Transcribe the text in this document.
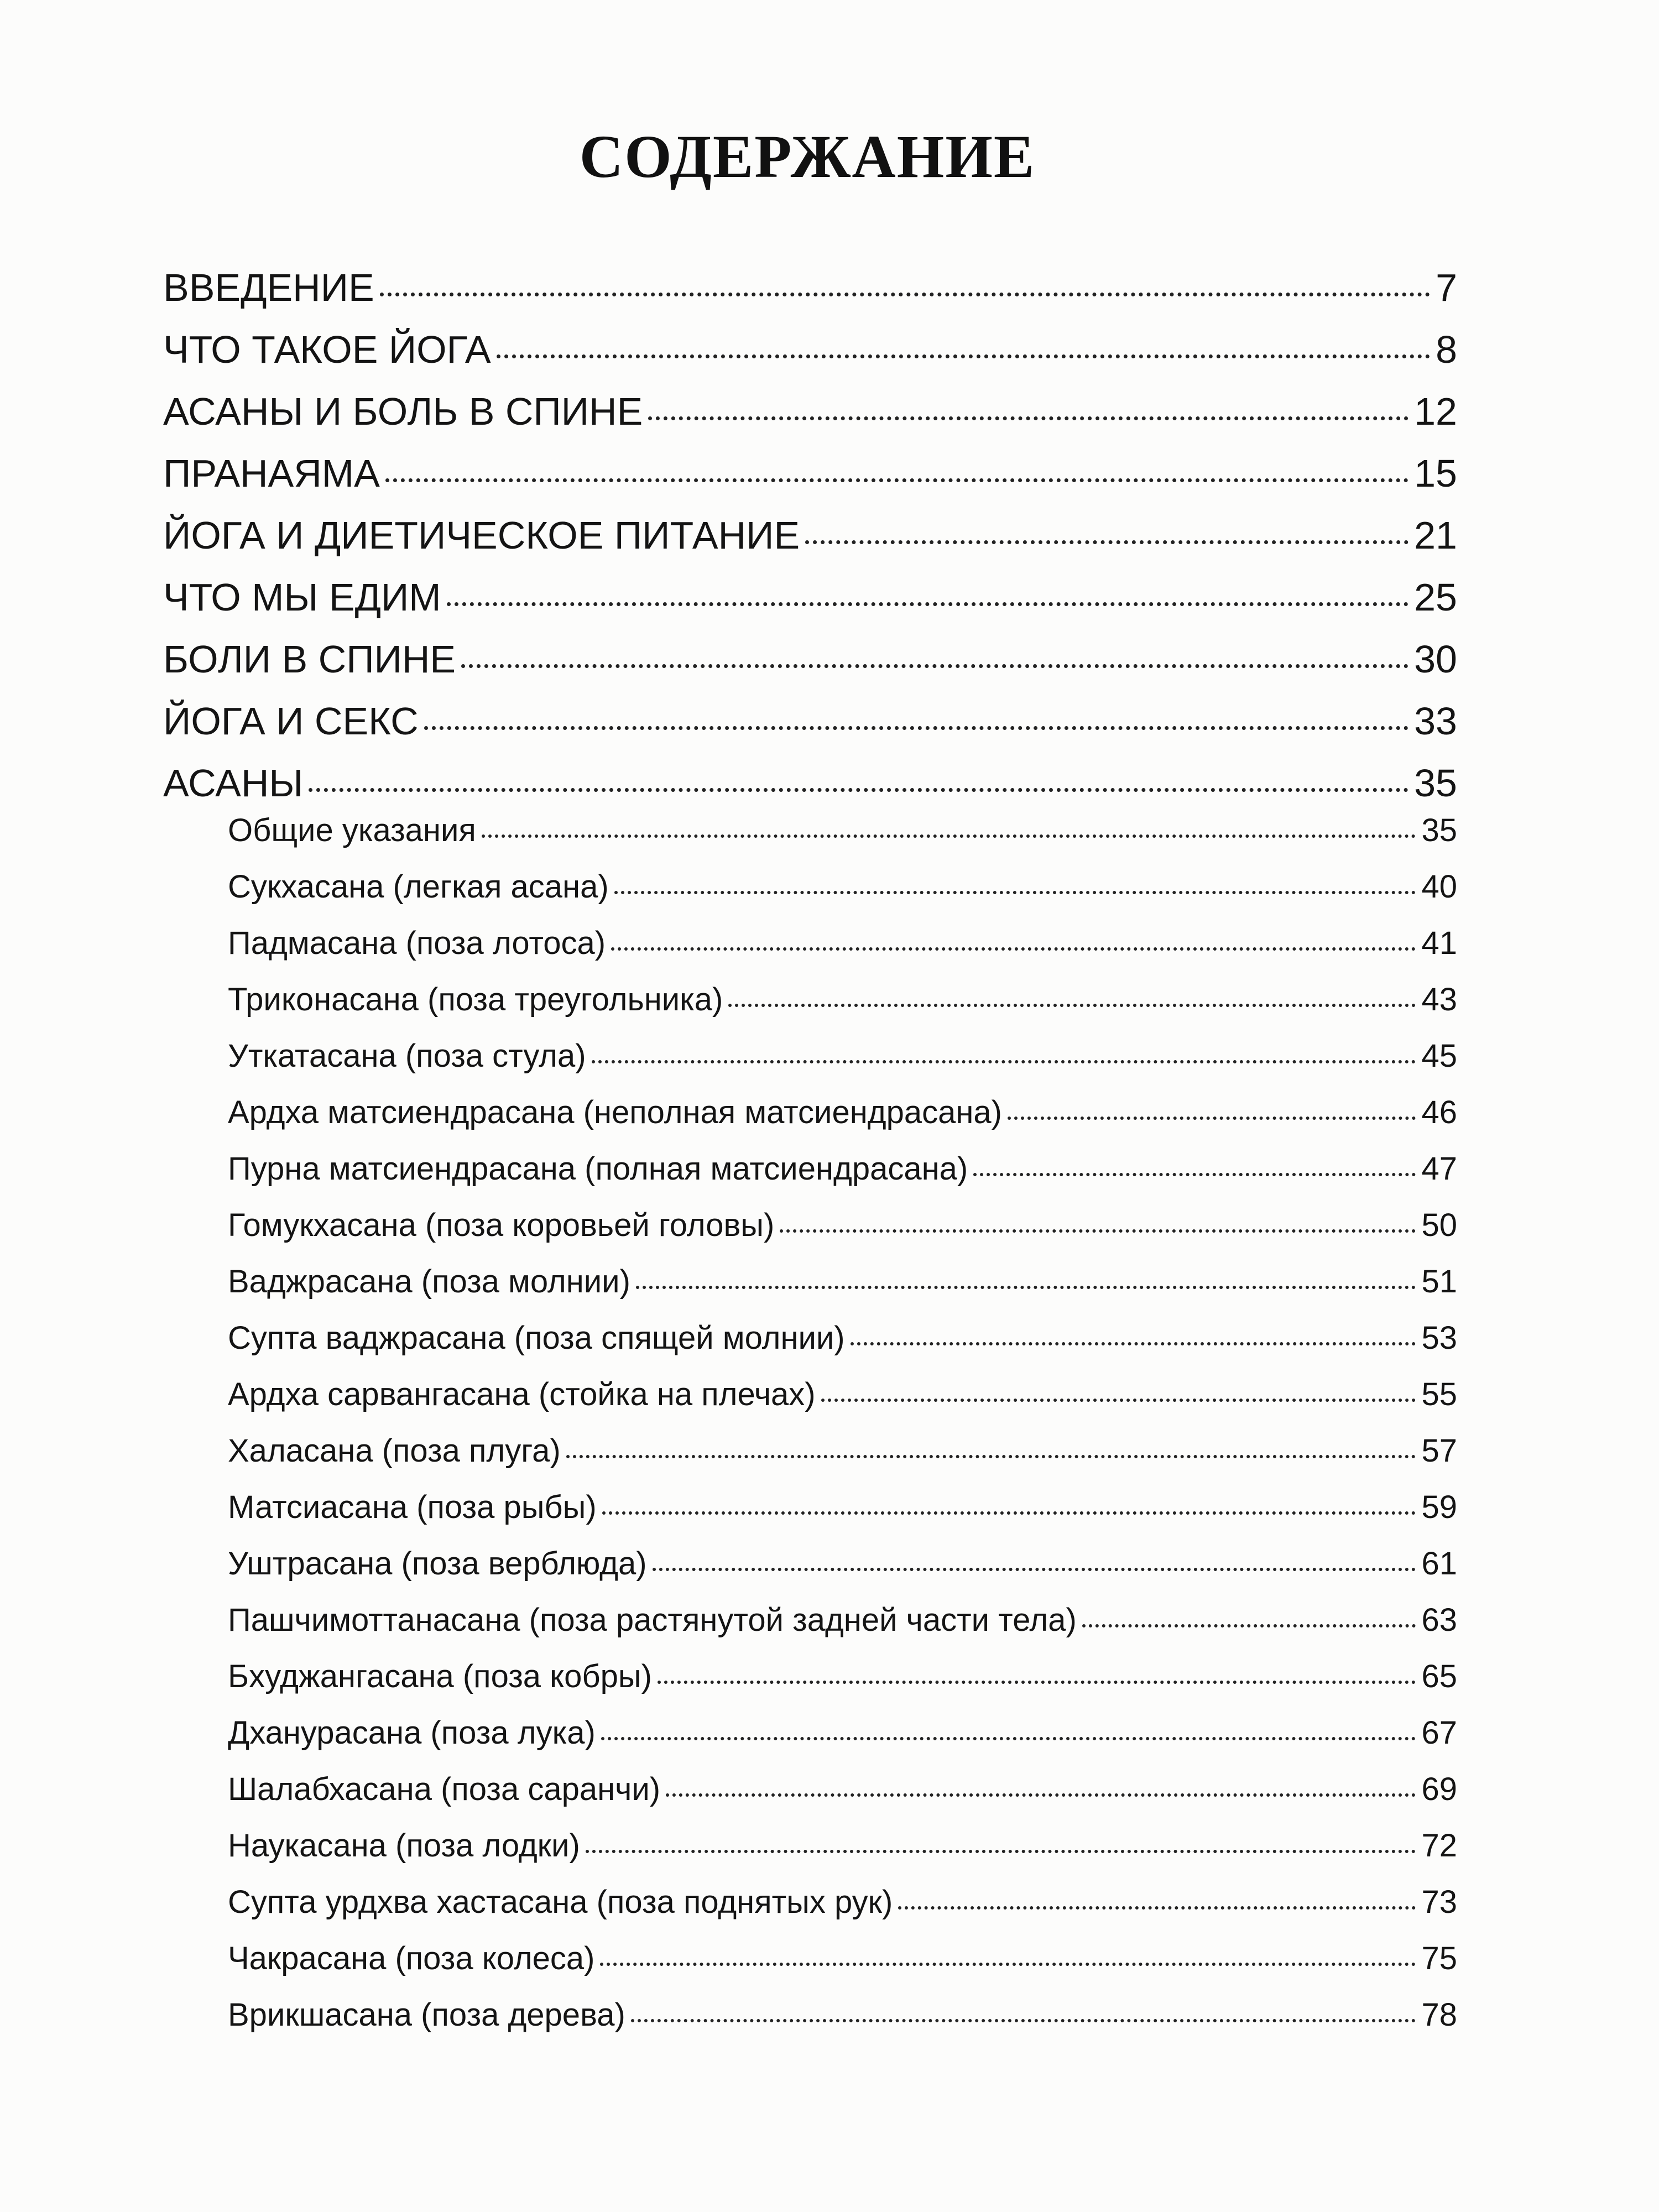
СОДЕРЖАНИЕ
ВВЕДЕНИЕ	7
ЧТО ТАКОЕ ЙОГА	8
АСАНЫ И БОЛЬ В СПИНЕ	12
ПРАНАЯМА	15
ЙОГА И ДИЕТИЧЕСКОЕ ПИТАНИЕ	21
ЧТО МЫ ЕДИМ	25
БОЛИ В СПИНЕ	30
ЙОГА И СЕКС	33
АСАНЫ	35
Общие указания	35
Сукхасана (легкая асана)	40
Падмасана (поза лотоса)	41
Триконасана (поза треугольника)	43
Уткатасана (поза стула)	45
Ардха матсиендрасана (неполная матсиендрасана)	46
Пурна матсиендрасана (полная матсиендрасана)	47
Гомукхасана (поза коровьей головы)	50
Ваджрасана (поза молнии)	51
Супта ваджрасана (поза спящей молнии)	53
Ардха сарвангасана (стойка на плечах)	55
Халасана (поза плуга)	57
Матсиасана (поза рыбы)	59
Уштрасана (поза верблюда)	61
Пашчимоттанасана (поза растянутой задней части тела)	63
Бхуджангасана (поза кобры)	65
Дханурасана (поза лука)	67
Шалабхасана (поза саранчи)	69
Наукасана (поза лодки)	72
Супта урдхва хастасана (поза поднятых рук)	73
Чакрасана (поза колеса)	75
Врикшасана (поза дерева)	78
